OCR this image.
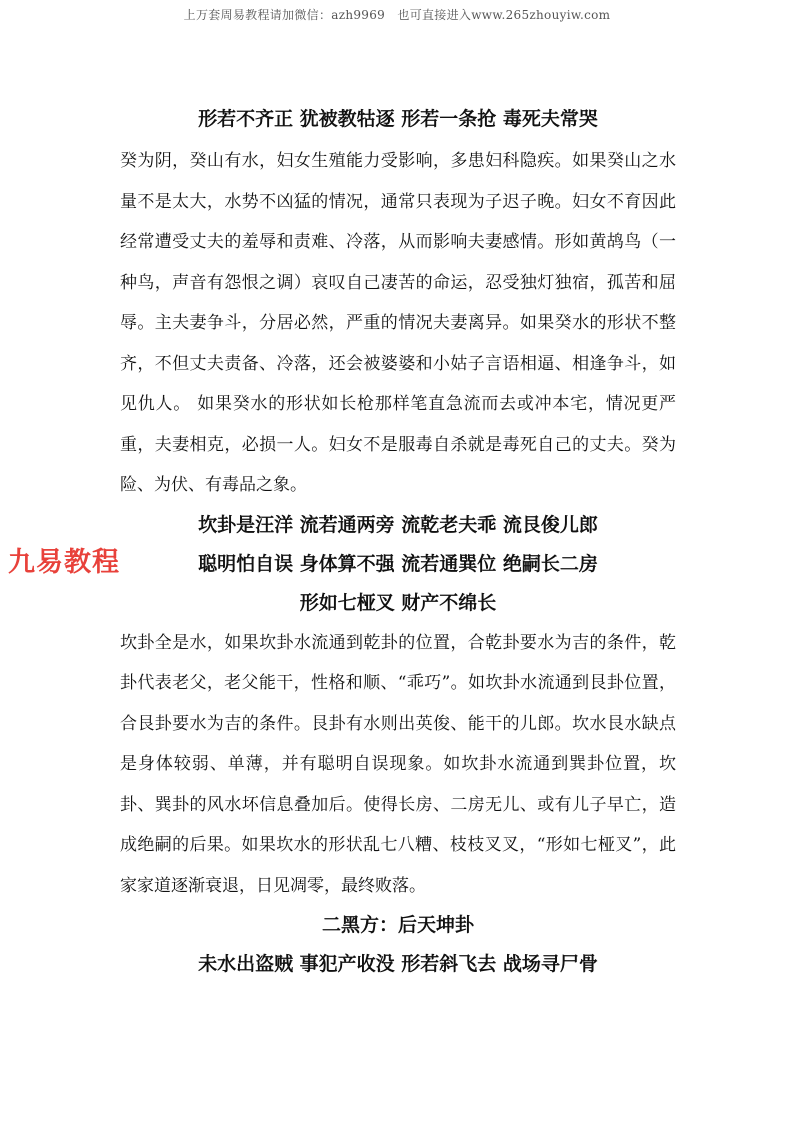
上万套周易教程请加微信：azh9969　也可直接进入www.265zhouyiw.com
九易教程
形若不齐正 犹被教牯逐 形若一条抢 毒死夫常哭

癸为阴，癸山有水，妇女生殖能力受影响，多患妇科隐疾。如果癸山之水量不是太大，水势不凶猛的情况，通常只表现为子迟子晚。妇女不育因此经常遭受丈夫的羞辱和责难、冷落，从而影响夫妻感情。形如黄鸪鸟（一种鸟，声音有怨恨之调）哀叹自己凄苦的命运，忍受独灯独宿，孤苦和屈辱。主夫妻争斗，分居必然，严重的情况夫妻离异。如果癸水的形状不整齐，不但丈夫责备、冷落，还会被婆婆和小姑子言语相逼、相逢争斗，如见仇人。 如果癸水的形状如长枪那样笔直急流而去或冲本宅，情况更严重，夫妻相克，必损一人。妇女不是服毒自杀就是毒死自己的丈夫。癸为险、为伏、有毒品之象。

坎卦是汪洋 流若通两旁 流乾老夫乖 流艮俊儿郎
聪明怕自误 身体算不强 流若通巽位 绝嗣长二房
形如七桠叉 财产不绵长

坎卦全是水，如果坎卦水流通到乾卦的位置，合乾卦要水为吉的条件，乾卦代表老父，老父能干，性格和顺、“乖巧”。如坎卦水流通到艮卦位置，合艮卦要水为吉的条件。艮卦有水则出英俊、能干的儿郎。坎水艮水缺点是身体较弱、单薄，并有聪明自误现象。如坎卦水流通到巽卦位置，坎卦、巽卦的风水坏信息叠加后。使得长房、二房无儿、或有儿子早亡，造成绝嗣的后果。如果坎水的形状乱七八糟、枝枝叉叉，“形如七桠叉”，此家家道逐渐衰退，日见凋零，最终败落。

二黑方：后天坤卦
未水出盗贼 事犯产收没 形若斜飞去 战场寻尸骨
